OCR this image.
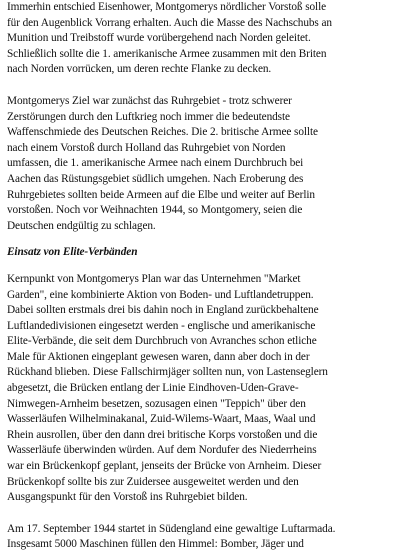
Immerhin entschied Eisenhower, Montgomerys nördlicher Vorstoß solle
für den Augenblick Vorrang erhalten. Auch die Masse des Nachschubs an
Munition und Treibstoff wurde vorübergehend nach Norden geleitet.
Schließlich sollte die 1. amerikanische Armee zusammen mit den Briten
nach Norden vorrücken, um deren rechte Flanke zu decken.
Montgomerys Ziel war zunächst das Ruhrgebiet - trotz schwerer
Zerstörungen durch den Luftkrieg noch immer die bedeutendste
Waffenschmiede des Deutschen Reiches. Die 2. britische Armee sollte
nach einem Vorstoß durch Holland das Ruhrgebiet von Norden
umfassen, die 1. amerikanische Armee nach einem Durchbruch bei
Aachen das Rüstungsgebiet südlich umgehen. Nach Eroberung des
Ruhrgebietes sollten beide Armeen auf die Elbe und weiter auf Berlin
vorstoßen. Noch vor Weihnachten 1944, so Montgomery, seien die
Deutschen endgültig zu schlagen.
Einsatz von Elite-Verbänden
Kernpunkt von Montgomerys Plan war das Unternehmen "Market
Garden", eine kombinierte Aktion von Boden- und Luftlandetruppen.
Dabei sollten erstmals drei bis dahin noch in England zurückbehaltene
Luftlandedivisionen eingesetzt werden - englische und amerikanische
Elite-Verbände, die seit dem Durchbruch von Avranches schon etliche
Male für Aktionen eingeplant gewesen waren, dann aber doch in der
Rückhand blieben. Diese Fallschirmjäger sollten nun, von Lastenseglern
abgesetzt, die Brücken entlang der Linie Eindhoven-Uden-Grave-
Nimwegen-Arnheim besetzen, sozusagen einen "Teppich" über den
Wasserläufen Wilhelminakanal, Zuid-Wilems-Waart, Maas, Waal und
Rhein ausrollen, über den dann drei britische Korps vorstoßen und die
Wasserläufe überwinden würden. Auf dem Nordufer des Niederrheins
war ein Brückenkopf geplant, jenseits der Brücke von Arnheim. Dieser
Brückenkopf sollte bis zur Zuidersee ausgeweitet werden und den
Ausgangspunkt für den Vorstoß ins Ruhrgebiet bilden.
Am 17. September 1944 startet in Südengland eine gewaltige Luftarmada.
Insgesamt 5000 Maschinen füllen den Himmel: Bomber, Jäger und
